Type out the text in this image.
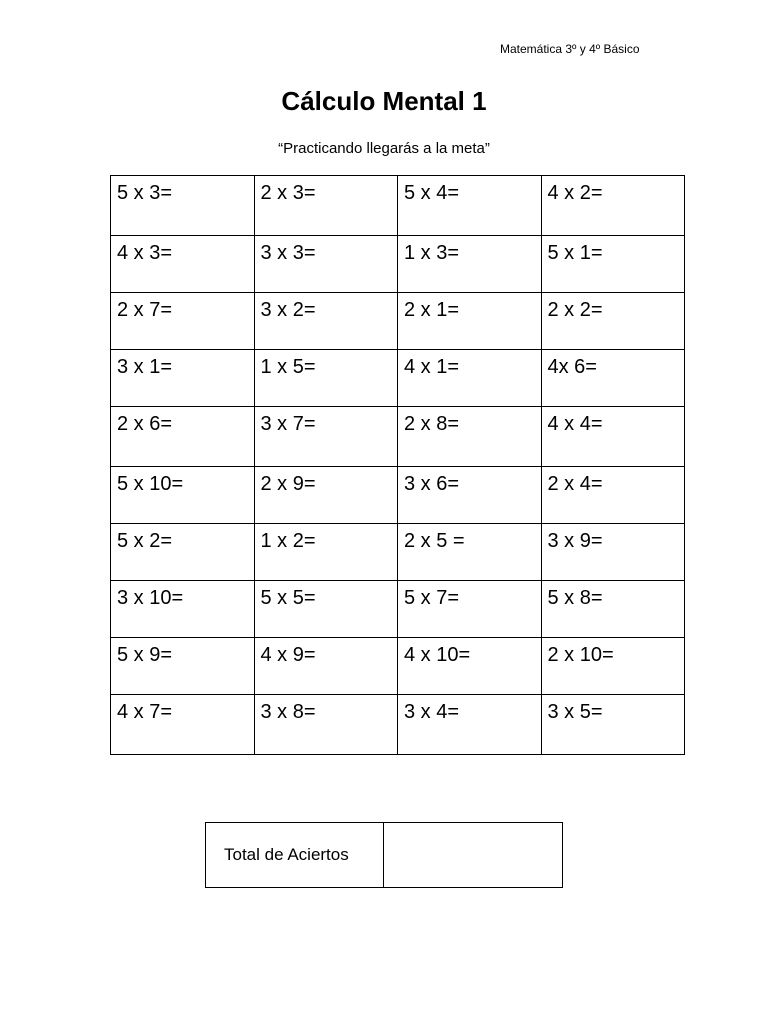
Matemática 3º y 4º Básico
Cálculo Mental 1
“Practicando llegarás a la meta”
5 x 3=	2 x 3=	5 x 4=	4 x 2=
4 x 3=	3 x 3=	1 x 3=	5 x 1=
2 x 7=	3 x 2=	2 x 1=	2 x 2=
3 x 1=	1 x 5=	4 x 1=	4x 6=
2 x 6=	3 x 7=	2 x 8=	4 x 4=
5 x 10=	2 x 9=	3 x 6=	2 x 4=
5 x 2=	1 x 2=	2 x 5 =	3 x 9=
3 x 10=	5 x 5=	5 x 7=	5 x 8=
5 x 9=	4 x 9=	4 x 10=	2 x 10=
4 x 7=	3 x 8=	3 x 4=	3 x 5=
Total de Aciertos	
